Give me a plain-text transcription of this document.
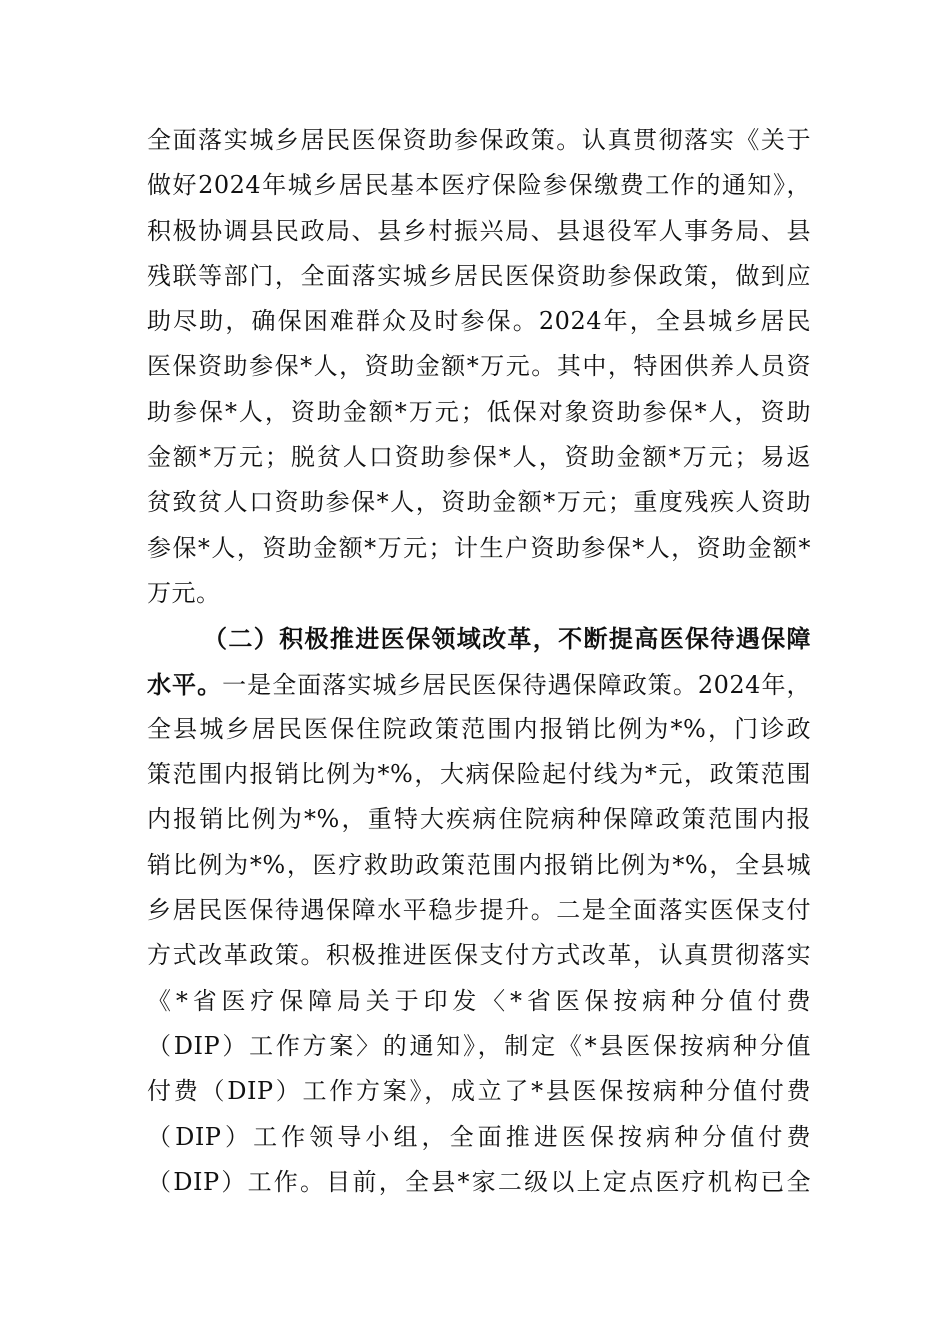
全面落实城乡居民医保资助参保政策。认真贯彻落实《关于
做好2024年城乡居民基本医疗保险参保缴费工作的通知》，
积极协调县民政局、县乡村振兴局、县退役军人事务局、县
残联等部门，全面落实城乡居民医保资助参保政策，做到应
助尽助，确保困难群众及时参保。2024年，全县城乡居民
医保资助参保*人，资助金额*万元。其中，特困供养人员资
助参保*人，资助金额*万元；低保对象资助参保*人，资助
金额*万元；脱贫人口资助参保*人，资助金额*万元；易返
贫致贫人口资助参保*人，资助金额*万元；重度残疾人资助
参保*人，资助金额*万元；计生户资助参保*人，资助金额*
万元。
（二）积极推进医保领域改革，不断提高医保待遇保障
水平。一是全面落实城乡居民医保待遇保障政策。2024年，
全县城乡居民医保住院政策范围内报销比例为*%，门诊政
策范围内报销比例为*%，大病保险起付线为*元，政策范围
内报销比例为*%，重特大疾病住院病种保障政策范围内报
销比例为*%，医疗救助政策范围内报销比例为*%，全县城
乡居民医保待遇保障水平稳步提升。二是全面落实医保支付
方式改革政策。积极推进医保支付方式改革，认真贯彻落实
《*省医疗保障局关于印发〈*省医保按病种分值付费
（DIP）工作方案〉的通知》，制定《*县医保按病种分值
付费（DIP）工作方案》，成立了*县医保按病种分值付费
（DIP）工作领导小组，全面推进医保按病种分值付费
（DIP）工作。目前，全县*家二级以上定点医疗机构已全
